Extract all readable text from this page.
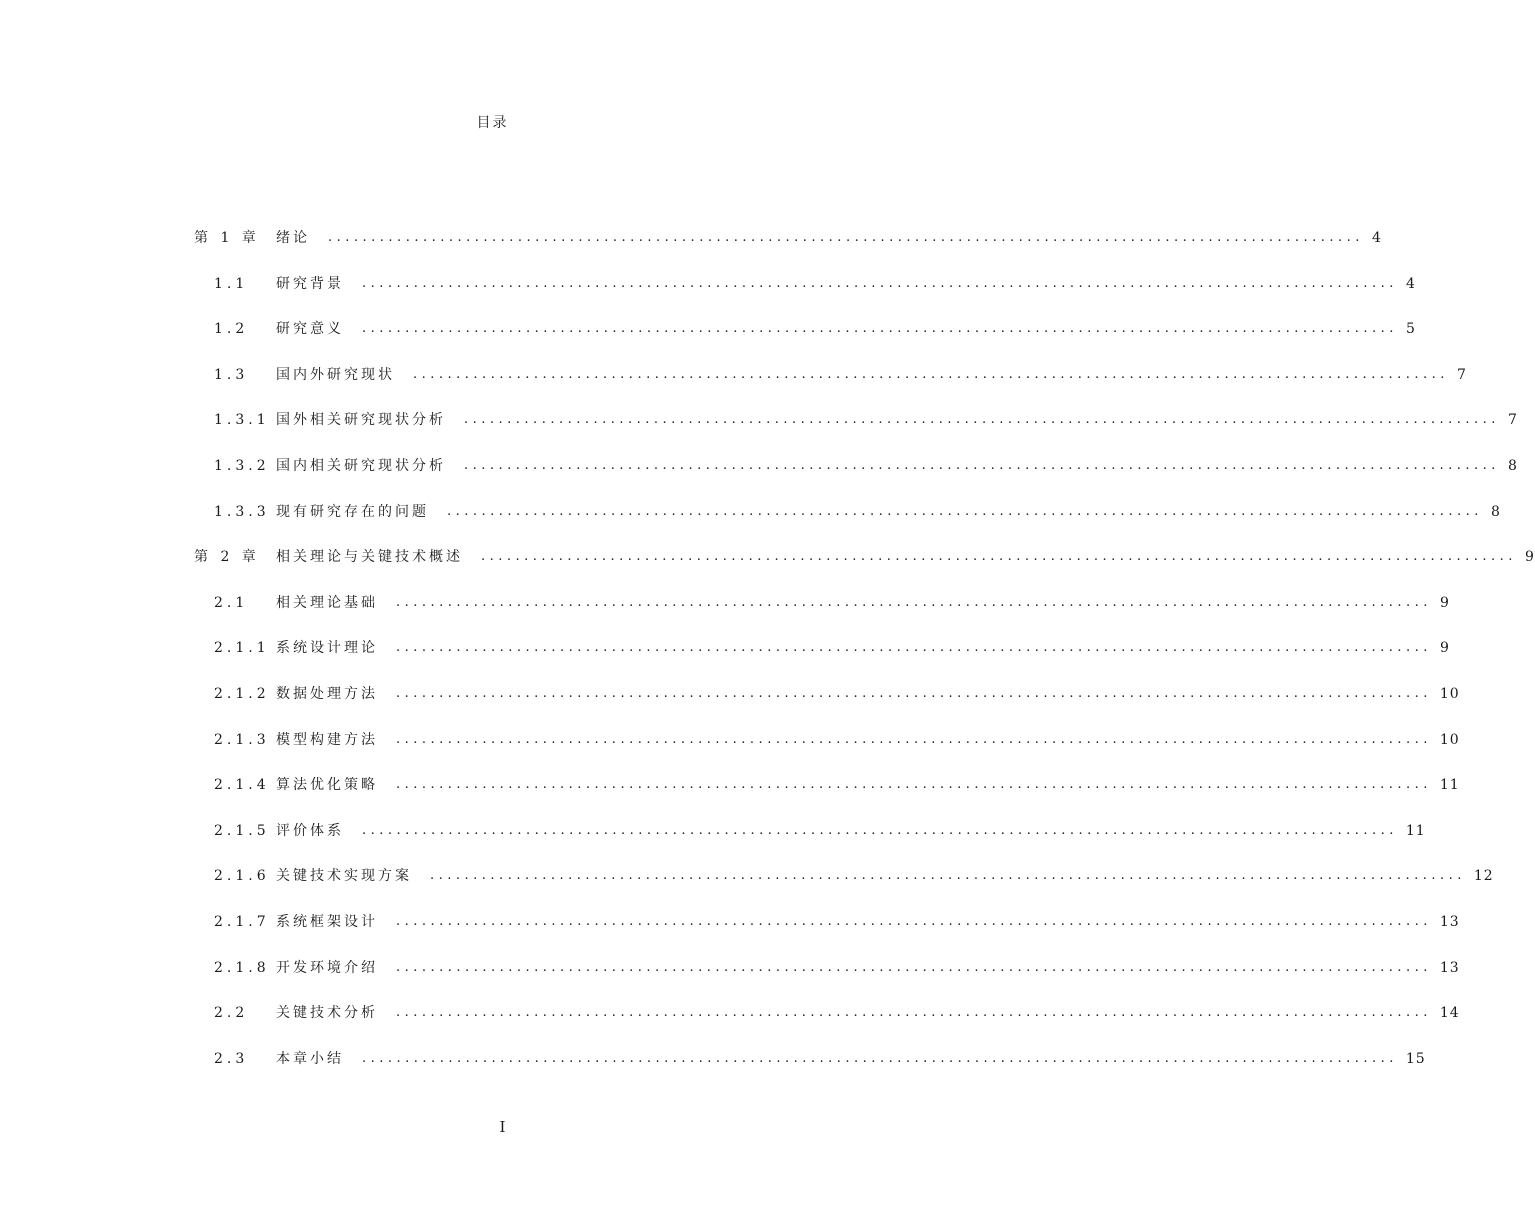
目录
第 1 章	绪论	........................................................................................................................ 4
1.1	研究背景	........................................................................................................................ 4
1.2	研究意义	........................................................................................................................ 5
1.3	国内外研究现状	........................................................................................................................ 7
1.3.1 国外相关研究现状分析	........................................................................................................................ 7
1.3.2 国内相关研究现状分析	........................................................................................................................ 8
1.3.3 现有研究存在的问题	........................................................................................................................ 8
第 2 章	相关理论与关键技术概述	........................................................................................................................ 9
2.1	相关理论基础	........................................................................................................................ 9
2.1.1 系统设计理论	........................................................................................................................ 9
2.1.2 数据处理方法	........................................................................................................................ 10
2.1.3 模型构建方法	........................................................................................................................ 10
2.1.4 算法优化策略	........................................................................................................................ 11
2.1.5 评价体系	........................................................................................................................ 11
2.1.6 关键技术实现方案	........................................................................................................................ 12
2.1.7 系统框架设计	........................................................................................................................ 13
2.1.8 开发环境介绍	........................................................................................................................ 13
2.2	关键技术分析	........................................................................................................................ 14
2.3	本章小结	........................................................................................................................ 15
I
